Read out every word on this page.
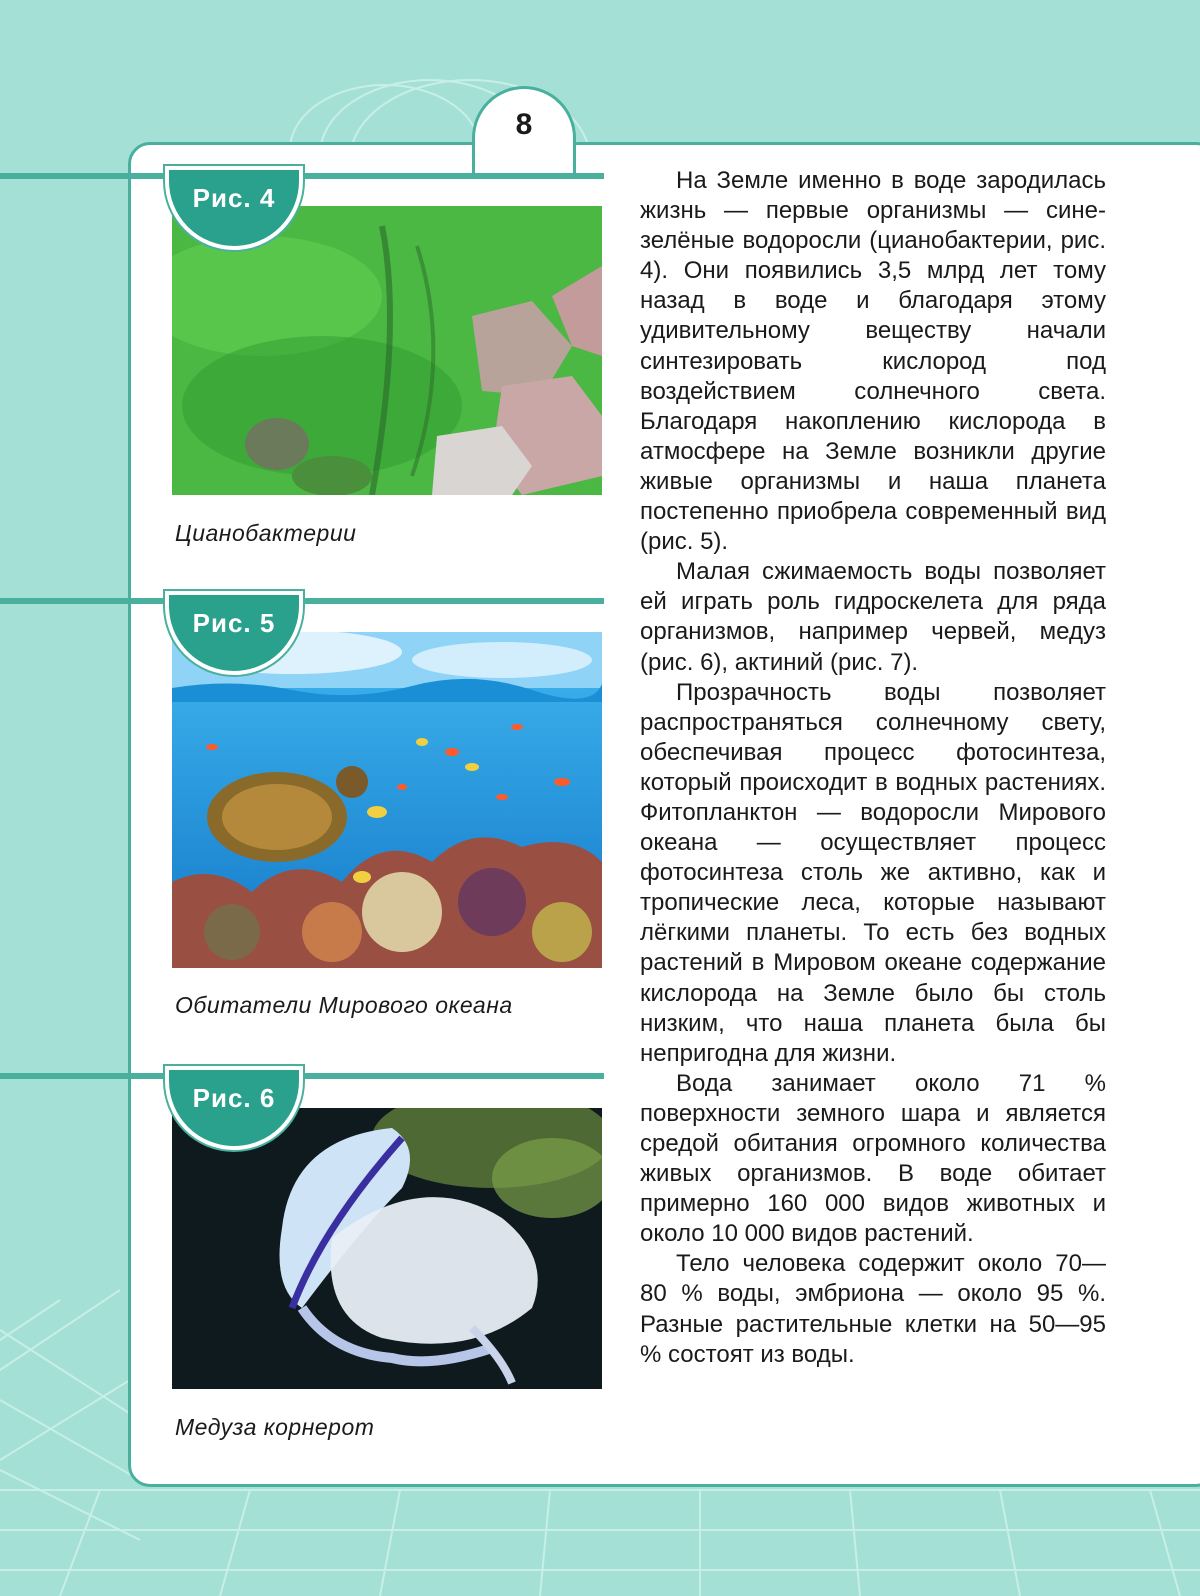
8
Рис. 4
Цианобактерии
Рис. 5
Обитатели Мирового океана
Рис. 6
Медуза корнерот

На Земле именно в воде зародилась жизнь — первые организмы — сине-зелёные водоросли (цианобактерии, рис. 4). Они появились 3,5 млрд лет тому назад в воде и благодаря этому удивительному веществу начали синтезировать кислород под воздействием солнечного света. Благодаря накоплению кислорода в атмосфере на Земле возникли другие живые организмы и наша планета постепенно приобрела современный вид (рис. 5).

Малая сжимаемость воды позволяет ей играть роль гидроскелета для ряда организмов, например червей, медуз (рис. 6), актиний (рис. 7).

Прозрачность воды позволяет распространяться солнечному свету, обеспечивая процесс фотосинтеза, который происходит в водных растениях. Фитопланктон — водоросли Мирового океана — осуществляет процесс фотосинтеза столь же активно, как и тропические леса, которые называют лёгкими планеты. То есть без водных растений в Мировом океане содержание кислорода на Земле было бы столь низким, что наша планета была бы непригодна для жизни.

Вода занимает около 71 % поверхности земного шара и является средой обитания огромного количества живых организмов. В воде обитает примерно 160 000 видов животных и около 10 000 видов растений.

Тело человека содержит около 70—80 % воды, эмбриона — около 95 %. Разные растительные клетки на 50—95 % состоят из воды.
